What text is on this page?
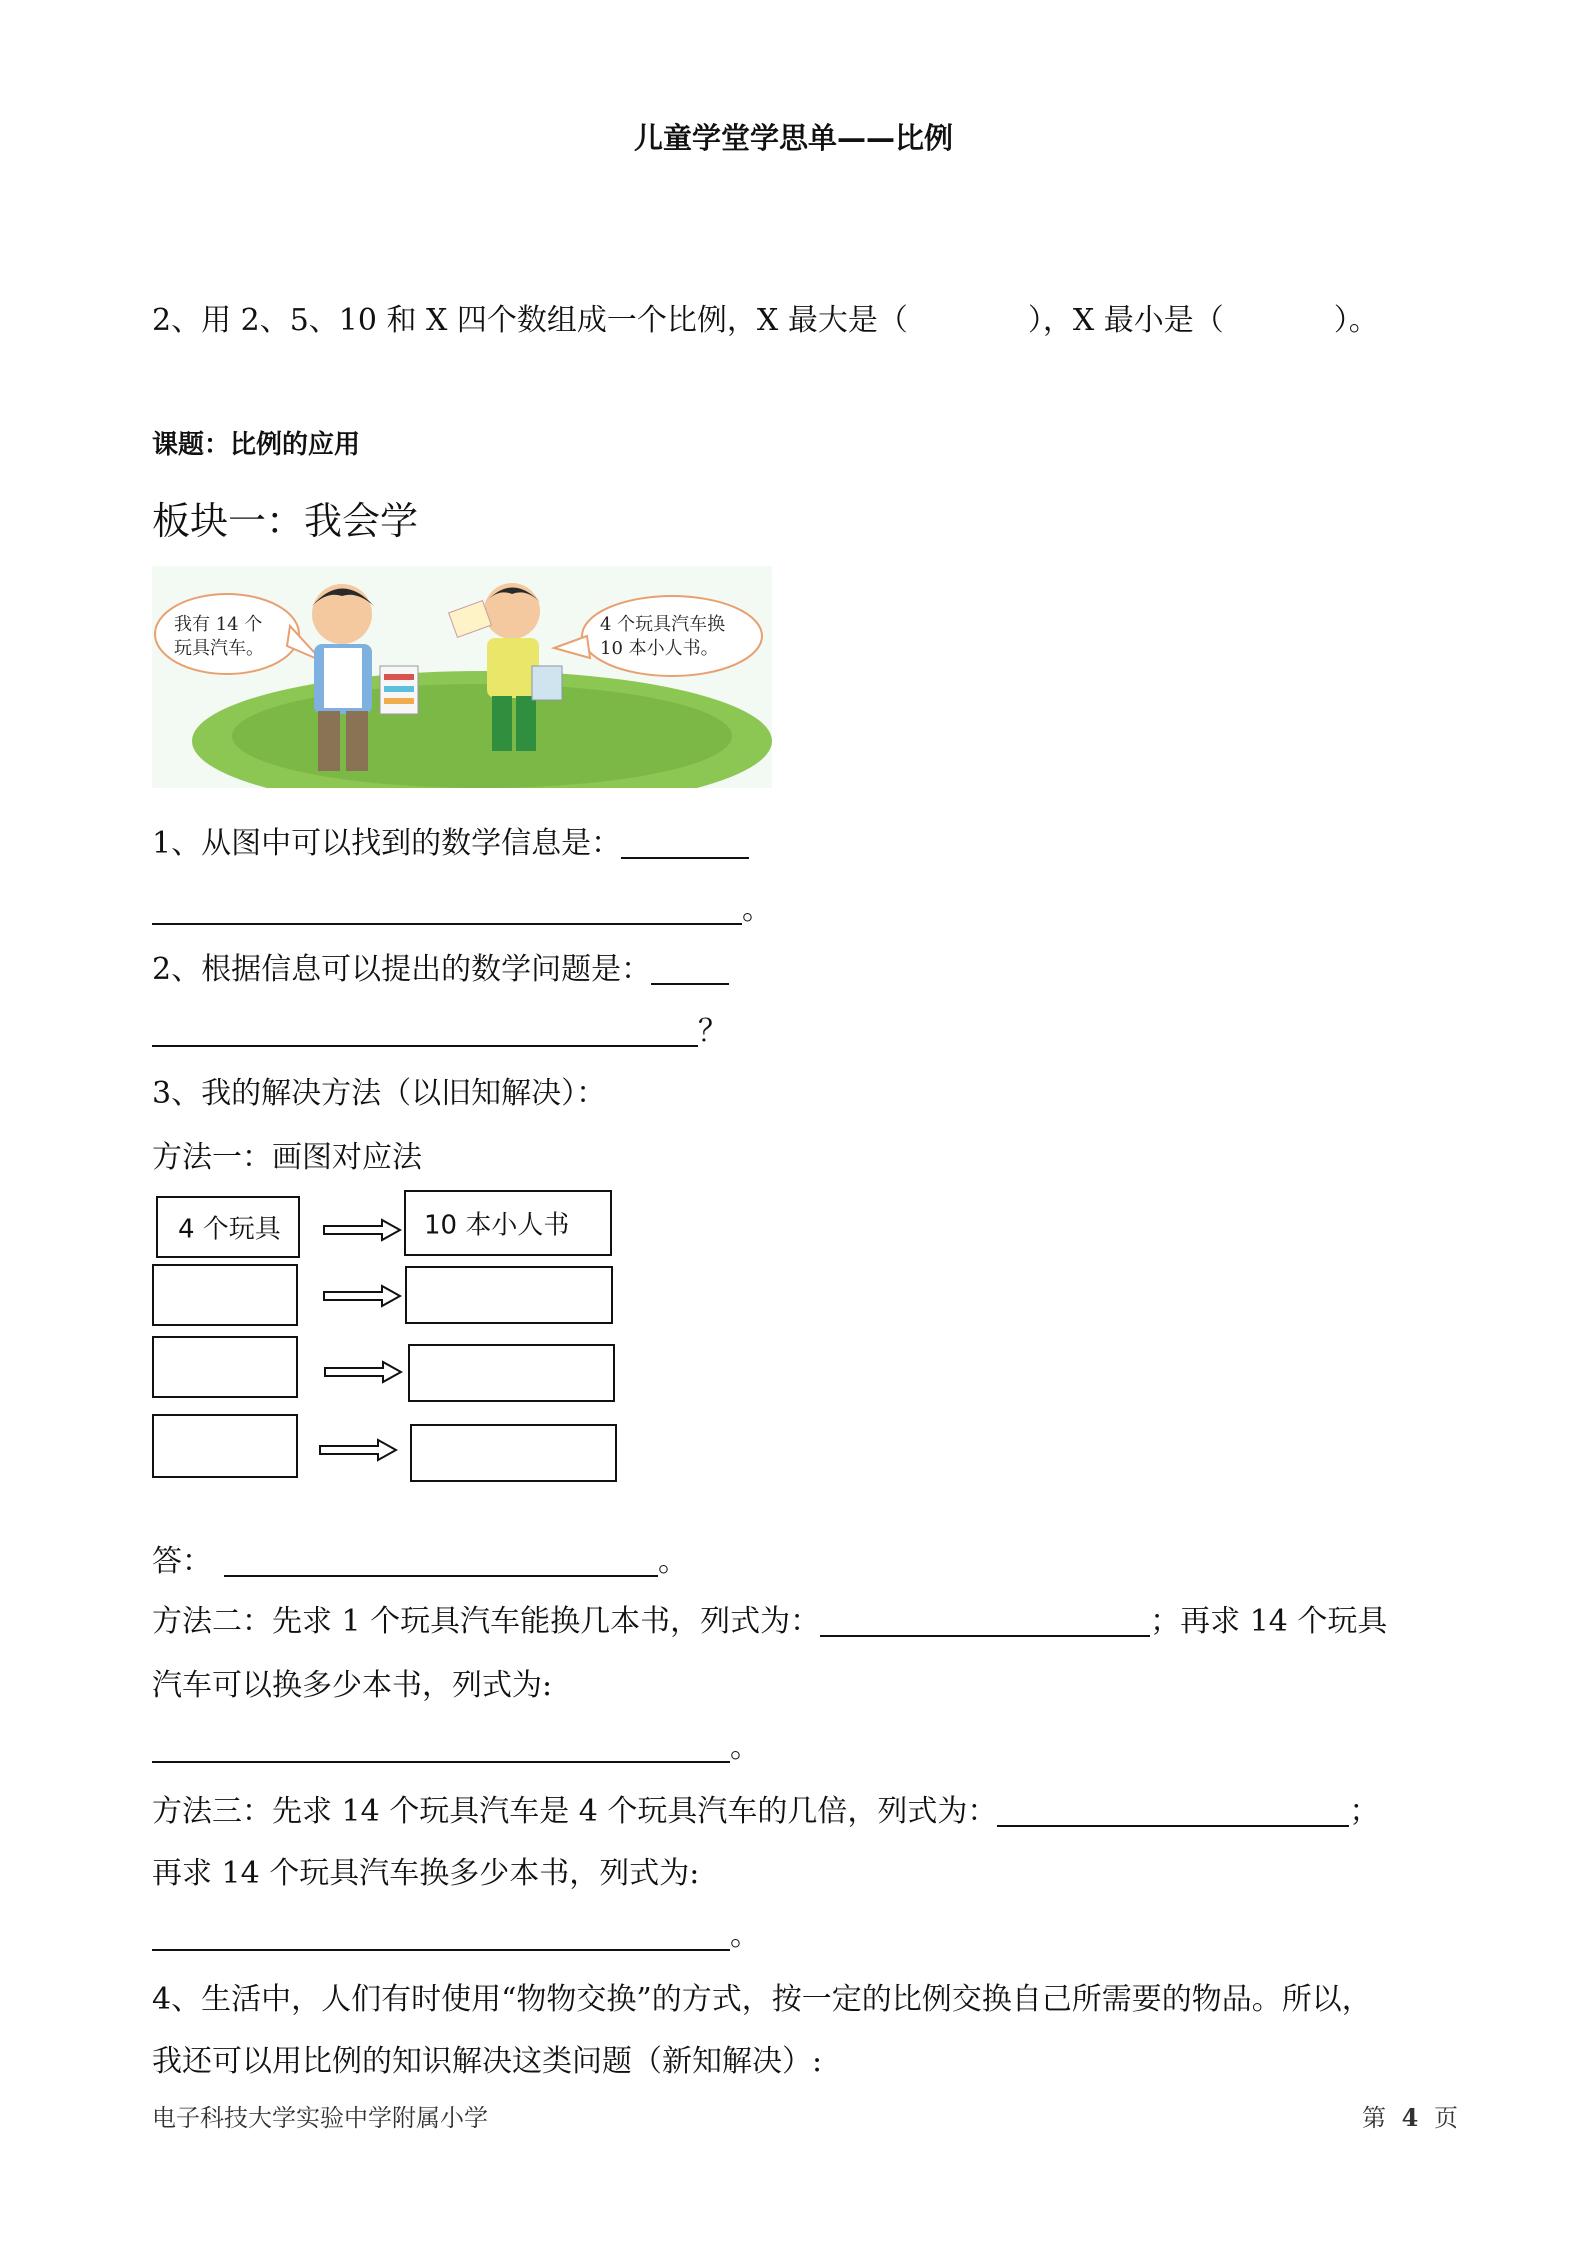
儿童学堂学思单——比例
2、用 2、5、10 和 X 四个数组成一个比例，X 最大是（	），X 最小是（	）。
课题：比例的应用
板块一：我会学
我有 14 个
玩具汽车。
4 个玩具汽车换
10 本小人书。
1、从图中可以找到的数学信息是：
。
2、根据信息可以提出的数学问题是：
？
3、我的解决方法（以旧知解决）：
方法一：画图对应法
4 个玩具	10 本小人书
答：	。
方法二：先求 1 个玩具汽车能换几本书，列式为：	；再求 14 个玩具
汽车可以换多少本书，列式为:
。
方法三：先求 14 个玩具汽车是 4 个玩具汽车的几倍，列式为：	；
再求 14 个玩具汽车换多少本书，列式为:
。
4、生活中，人们有时使用“物物交换”的方式，按一定的比例交换自己所需要的物品。所以，
我还可以用比例的知识解决这类问题（新知解决）:
电子科技大学实验中学附属小学	第 4 页
